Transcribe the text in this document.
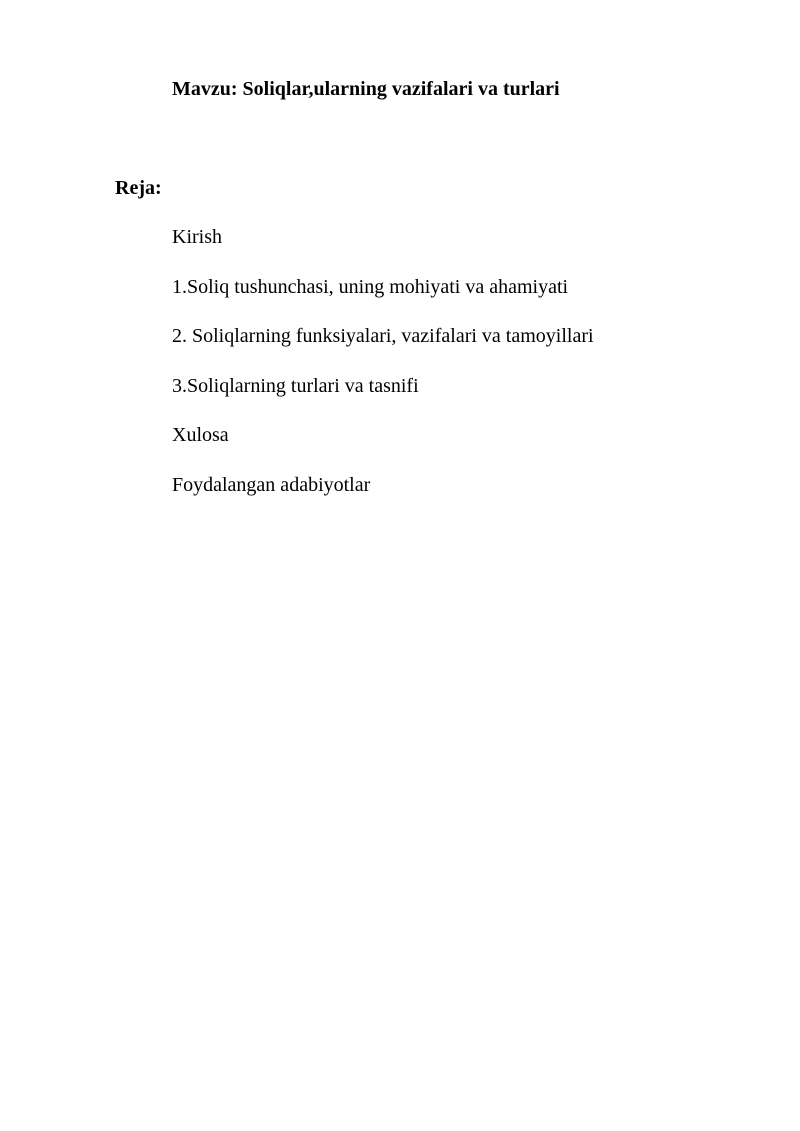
Mavzu: Soliqlar,ularning vazifalari va turlari
Reja:
Kirish
1.Soliq tushunchasi, uning mohiyati va ahamiyati
2. Soliqlarning funksiyalari, vazifalari va tamoyillari
3.Soliqlarning turlari va tasnifi
Xulosa
Foydalangan adabiyotlar
